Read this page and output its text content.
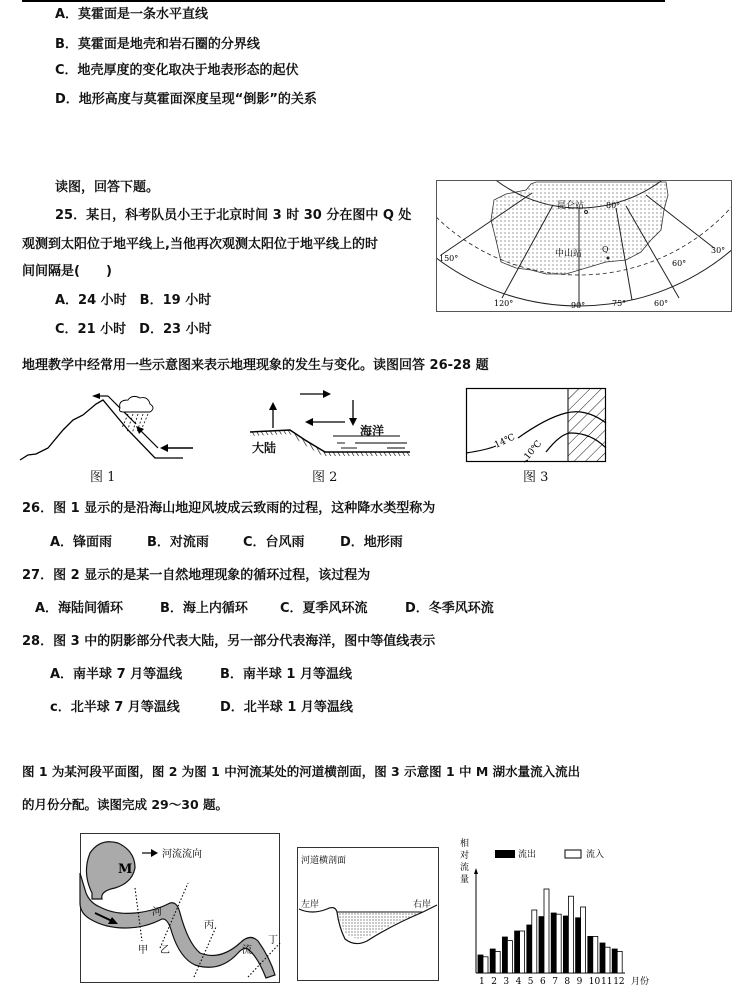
A．莫霍面是一条水平直线
B．莫霍面是地壳和岩石圈的分界线
C．地壳厚度的变化取决于地表形态的起伏
D．地形高度与莫霍面深度呈现“倒影”的关系
读图，回答下题。
25．某日，科考队员小王于北京时间 3 时 30 分在图中 Q 处
观测到太阳位于地平线上,当他再次观测太阳位于地平线上的时
间间隔是(　　)
A．24 小时　B．19 小时
C．21 小时　D．23 小时
昆仑站	80°
中山站 Q
150°
30°
60°
120°	90°	75°	60°
地理教学中经常用一些示意图来表示地理现象的发生与变化。读图回答 26-28 题
图 1
大陆
海洋
图 2
14℃ 10℃
图 3
26．图 1 显示的是沿海山地迎风坡成云致雨的过程，这种降水类型称为
A．锋面雨	B．对流雨	C．台风雨	D．地形雨
27．图 2 显示的是某一自然地理现象的循环过程，该过程为
A．海陆间循环	B．海上内循环 C．夏季风环流	D．冬季风环流
28．图 3 中的阴影部分代表大陆，另一部分代表海洋，图中等值线表示
A．南半球 7 月等温线	B．南半球 1 月等温线
c．北半球 7 月等温线	D．北半球 1 月等温线
图 1 为某河段平面图，图 2 为图 1 中河流某处的河道横剖面，图 3 示意图 1 中 M 湖水量流入流出
的月份分配。读图完成 29～30 题。
M
河流流向
河
流
甲 乙
丙
丁
河道横剖面
左岸	右岸
相
对
流
量
流出	流入
月份
1 2 3 4 5 6 7 8 9 10 11 12
